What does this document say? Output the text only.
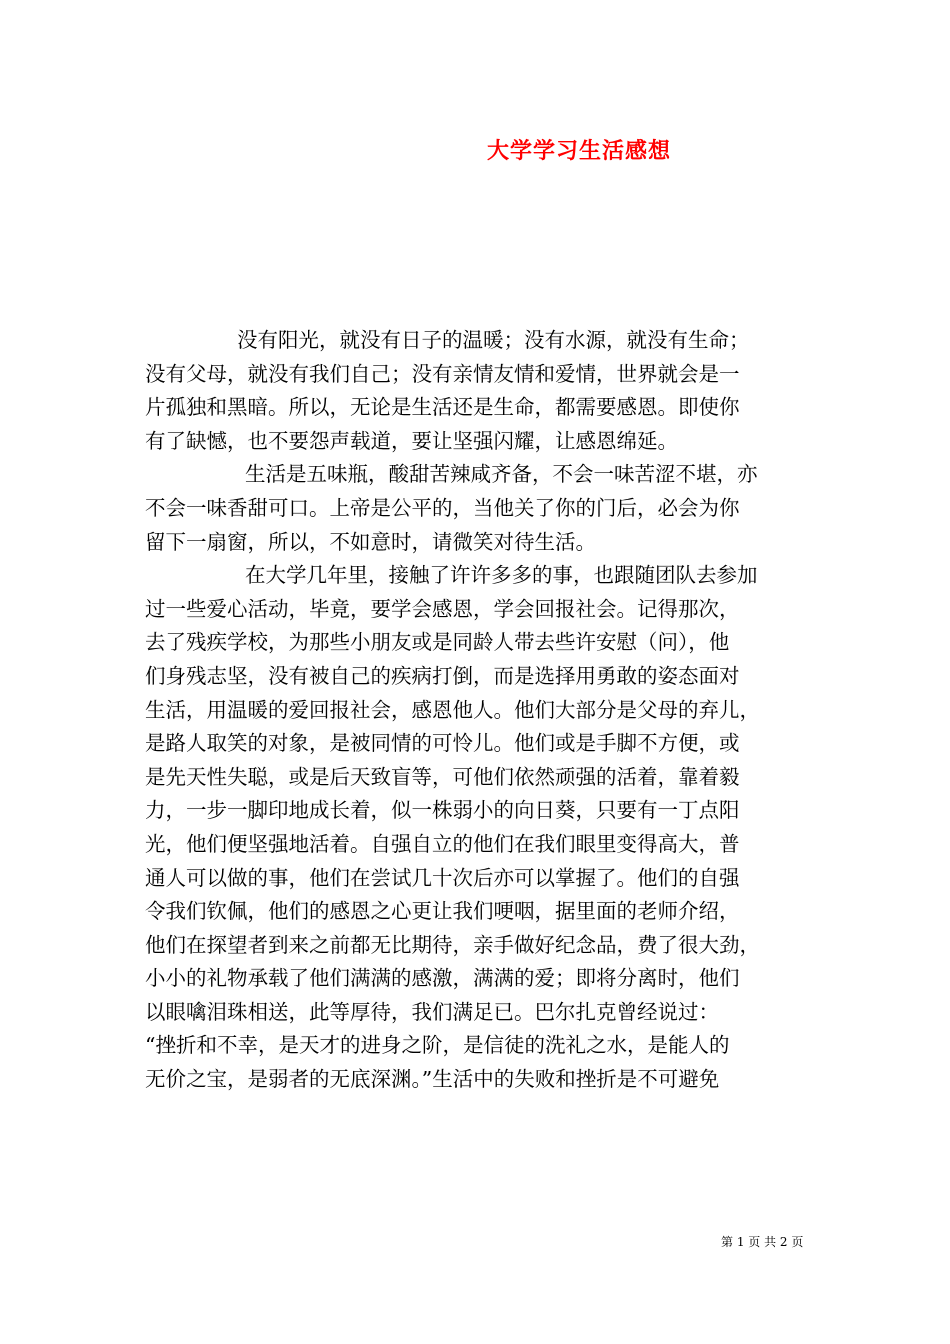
大学学习生活感想

没有阳光，就没有日子的温暖；没有水源，就没有生命；
没有父母，就没有我们自己；没有亲情友情和爱情，世界就会是一
片孤独和黑暗。所以，无论是生活还是生命，都需要感恩。即使你
有了缺憾，也不要怨声载道，要让坚强闪耀，让感恩绵延。

生活是五味瓶，酸甜苦辣咸齐备，不会一味苦涩不堪，亦
不会一味香甜可口。上帝是公平的，当他关了你的门后，必会为你
留下一扇窗，所以，不如意时，请微笑对待生活。

在大学几年里，接触了许许多多的事，也跟随团队去参加
过一些爱心活动，毕竟，要学会感恩，学会回报社会。记得那次，
去了残疾学校，为那些小朋友或是同龄人带去些许安慰（问），他
们身残志坚，没有被自己的疾病打倒，而是选择用勇敢的姿态面对
生活，用温暖的爱回报社会，感恩他人。他们大部分是父母的弃儿，
是路人取笑的对象，是被同情的可怜儿。他们或是手脚不方便，或
是先天性失聪，或是后天致盲等，可他们依然顽强的活着，靠着毅
力，一步一脚印地成长着，似一株弱小的向日葵，只要有一丁点阳
光，他们便坚强地活着。自强自立的他们在我们眼里变得高大，普
通人可以做的事，他们在尝试几十次后亦可以掌握了。他们的自强
令我们钦佩，他们的感恩之心更让我们哽咽，据里面的老师介绍，
他们在探望者到来之前都无比期待，亲手做好纪念品，费了很大劲，
小小的礼物承载了他们满满的感激，满满的爱；即将分离时，他们
以眼噙泪珠相送，此等厚待，我们满足已。巴尔扎克曾经说过：
“挫折和不幸，是天才的进身之阶，是信徒的洗礼之水，是能人的
无价之宝，是弱者的无底深渊。”生活中的失败和挫折是不可避免

第 1 页 共 2 页
